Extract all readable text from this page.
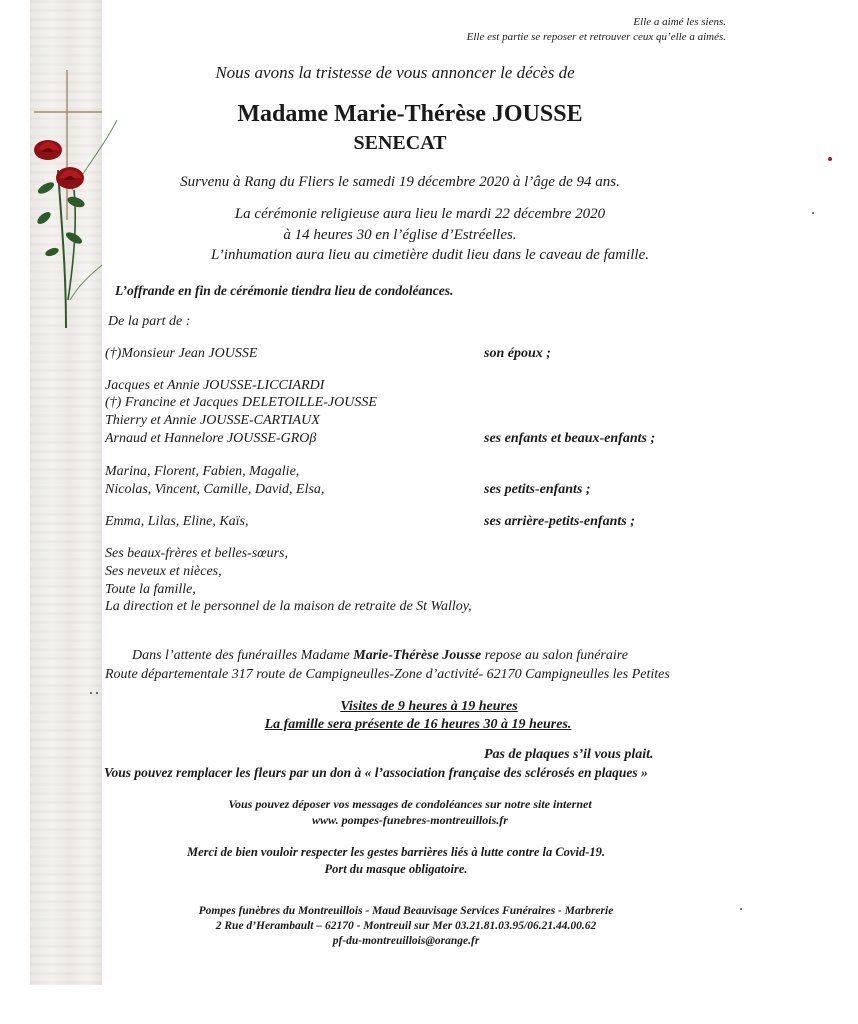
Elle a aimé les siens.

Elle est partie se reposer et retrouver ceux qu’elle a aimés.

Nous avons la tristesse de vous annoncer le décès de

Madame Marie-Thérèse JOUSSE

SENECAT

Survenu à Rang du Fliers le samedi 19 décembre 2020 à l’âge de 94 ans.

La cérémonie religieuse aura lieu le mardi 22 décembre 2020

à 14 heures 30 en l’église d’Estréelles.

L’inhumation aura lieu au cimetière dudit lieu dans le caveau de famille.

L’offrande en fin de cérémonie tiendra lieu de condoléances.

De la part de :

(†)Monsieur Jean JOUSSE	son époux ;

Jacques et Annie JOUSSE-LICCIARDI

(†) Francine et Jacques DELETOILLE-JOUSSE

Thierry et Annie JOUSSE-CARTIAUX

Arnaud et Hannelore JOUSSE-GROβ	ses enfants et beaux-enfants ;

Marina, Florent, Fabien, Magalie,

Nicolas, Vincent, Camille, David, Elsa,	ses petits-enfants ;

Emma, Lilas, Eline, Kaïs,	ses arrière-petits-enfants ;

Ses beaux-frères et belles-sœurs,

Ses neveux et nièces,

Toute la famille,

La direction et le personnel de la maison de retraite de St Walloy,

Dans l’attente des funérailles Madame Marie-Thérèse Jousse repose au salon funéraire

Route départementale 317 route de Campigneulles-Zone d’activité- 62170 Campigneulles les Petites

Visites de 9 heures à 19 heures

La famille sera présente de 16 heures 30 à 19 heures.

Pas de plaques s’il vous plait.

Vous pouvez remplacer les fleurs par un don à « l’association française des sclérosés en plaques »

Vous pouvez déposer vos messages de condoléances sur notre site internet

www. pompes-funebres-montreuillois.fr

Merci de bien vouloir respecter les gestes barrières liés à lutte contre la Covid-19.

Port du masque obligatoire.

Pompes funèbres du Montreuillois - Maud Beauvisage Services Funéraires - Marbrerie

2 Rue d’Herambault – 62170 - Montreuil sur Mer 03.21.81.03.95/06.21.44.00.62

pf-du-montreuillois@orange.fr
